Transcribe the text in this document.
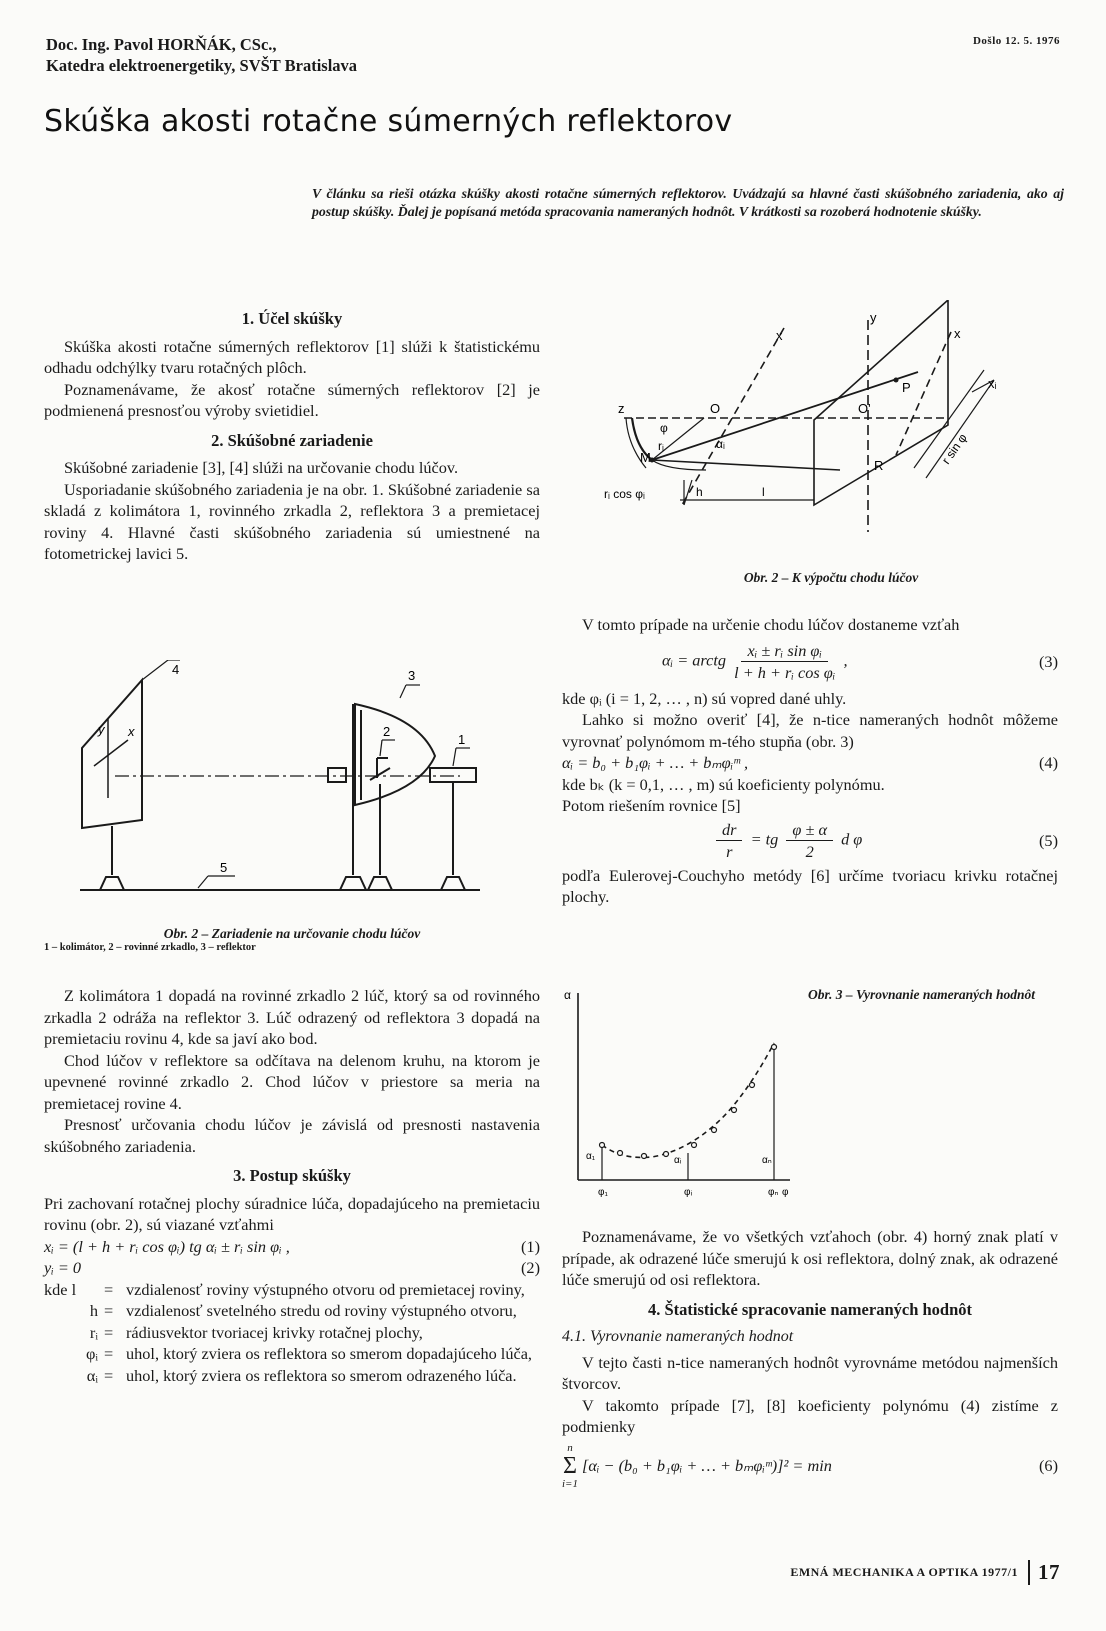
Doc. Ing. Pavol HORŇÁK, CSc.,
Katedra elektroenergetiky, SVŠT Bratislava
Došlo 12. 5. 1976
Skúška akosti rotačne súmerných reflektorov
V článku sa rieši otázka skúšky akosti rotačne súmerných reflektorov. Uvádzajú sa hlavné časti skúšobného zariadenia, ako aj postup skúšky. Ďalej je popísaná metóda spracovania nameraných hodnôt. V krátkosti sa rozoberá hodnotenie skúšky.
1. Účel skúšky

Skúška akosti rotačne súmerných reflektorov [1] slúži k štatistickému odhadu odchýlky tvaru rotačných plôch.

Poznamenávame, že akosť rotačne súmerných reflektorov [2] je podmienená presnosťou výroby svietidiel.

2. Skúšobné zariadenie

Skúšobné zariadenie [3], [4] slúži na určovanie chodu lúčov.

Usporiadanie skúšobného zariadenia je na obr. 1. Skúšobné zariadenie sa skladá z kolimátora 1, rovinného zrkadla 2, reflektora 3 a premietacej roviny 4. Hlavné časti skúšobného zariadenia sú umiestnené na fotometrickej lavici 5.

4	3
2
1
5
y x
Obr. 2 – Zariadenie na určovanie chodu lúčov
1 – kolimátor, 2 – rovinné zrkadlo, 3 – reflektor

Z kolimátora 1 dopadá na rovinné zrkadlo 2 lúč, ktorý sa od rovinného zrkadla 2 odráža na reflektor 3. Lúč odrazený od reflektora 3 dopadá na premietaciu rovinu 4, kde sa javí ako bod.

Chod lúčov v reflektore sa odčítava na delenom kruhu, na ktorom je upevnené rovinné zrkadlo 2. Chod lúčov v priestore sa meria na premietacej rovine 4.

Presnosť určovania chodu lúčov je závislá od presnosti nastavenia skúšobného zariadenia.

3. Postup skúšky

Pri zachovaní rotačnej plochy súradnice lúča, dopadajúceho na premietaciu rovinu (obr. 2), sú viazané vzťahmi

xᵢ = (l + h + rᵢ cos φᵢ) tg αᵢ ± rᵢ sin φᵢ ,	(1)
yᵢ = 0	(2)
kde l	= vzdialenosť roviny výstupného otvoru od premietacej roviny,
h = vzdialenosť svetelného stredu od roviny výstupného otvoru,
rᵢ = rádiusvektor tvoriacej krivky rotačnej plochy,
φᵢ = uhol, ktorý zviera os reflektora so smerom dopadajúceho lúča,
αᵢ = uhol, ktorý zviera os reflektora so smerom odrazeného lúča.
y
x	x
P
z	O	O'
xᵢ
φ
rᵢ	αᵢ	r sin φ
M
R
rᵢ cos φᵢ	h	l
Obr. 2 – K výpočtu chodu lúčov

V tomto prípade na určenie chodu lúčov dostaneme vzťah

αᵢ = arctg $\frac{\text{xᵢ ± rᵢ sin φᵢ}}{\text{l + h + rᵢ cos φᵢ}}$ ,	(3)

kde φᵢ (i = 1, 2, … , n) sú vopred dané uhly.

Lahko si možno overiť [4], že n-tice nameraných hodnôt môžeme vyrovnať polynómom m-tého stupňa (obr. 3)

αᵢ = b₀ + b₁φᵢ + … + bₘφᵢᵐ ,	(4)

kde bₖ (k = 0,1, … , m) sú koeficienty polynómu.

Potom riešením rovnice [5]

$\frac{dr}{r}$ = tg $\frac{\varphi \pm \alpha}{2}$ d φ	(5)

podľa Eulerovej-Couchyho metódy [6] určíme tvoriacu krivku rotačnej plochy.

α
α₁	αᵢ	αₙ
φ₁	φᵢ	φₙ φ
Obr. 3 – Vyrovnanie nameraných hodnôt

Poznamenávame, že vo všetkých vzťahoch (obr. 4) horný znak platí v prípade, ak odrazené lúče smerujú k osi reflektora, dolný znak, ak odrazené lúče smerujú od osi reflektora.

4. Štatistické spracovanie nameraných hodnôt
4.1. Vyrovnanie nameraných hodnot

V tejto časti n-tice nameraných hodnôt vyrovnáme metódou najmenších štvorcov.

V takomto prípade [7], [8] koeficienty polynómu (4) zistíme z podmienky

n
Σ
i=1
[αᵢ − (b₀ + b₁φᵢ + … + bₘφᵢᵐ)]² = min	(6)
EMNÁ MECHANIKA A OPTIKA 1977/1 17
